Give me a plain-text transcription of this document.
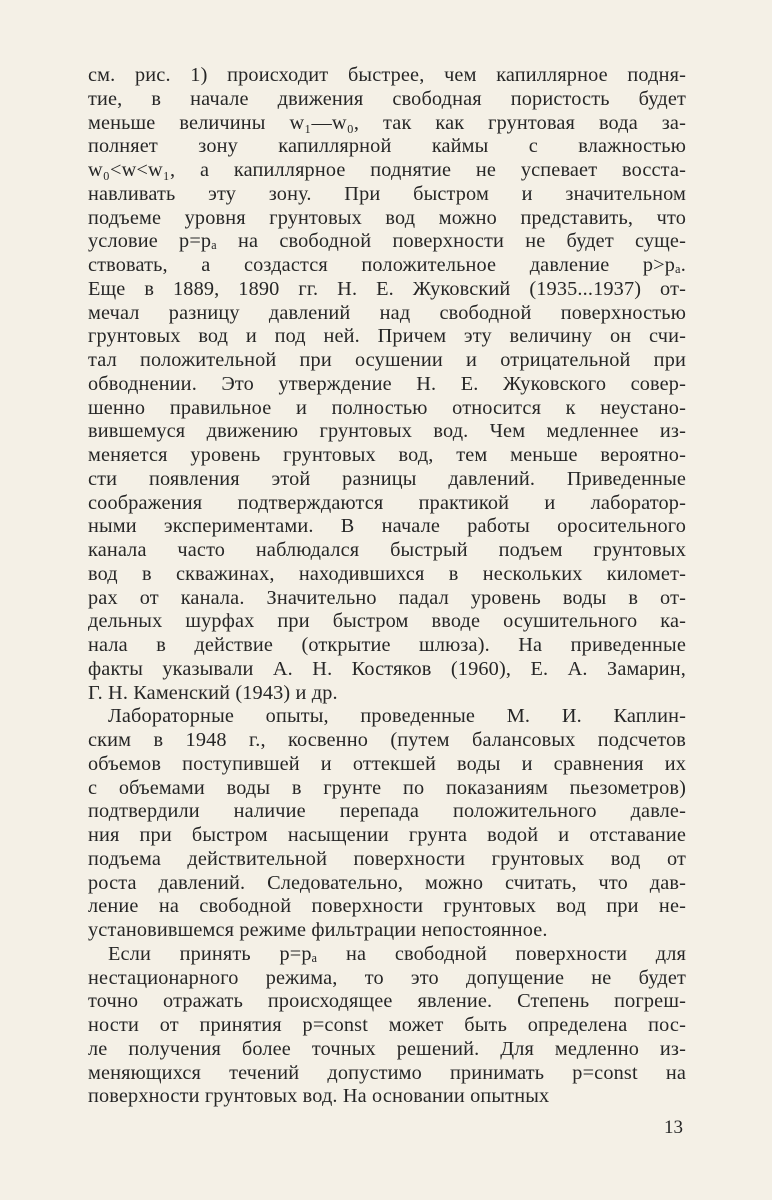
см. рис. 1) происходит быстрее, чем капиллярное подня-
тие, в начале движения свободная пористость будет
меньше величины w₁—w₀, так как грунтовая вода за-
полняет зону капиллярной каймы с влажностью
w₀<w<w₁, а капиллярное поднятие не успевает восста-
навливать эту зону. При быстром и значительном
подъеме уровня грунтовых вод можно представить, что
условие p=pₐ на свободной поверхности не будет суще-
ствовать, а создастся положительное давление p>pₐ.
Еще в 1889, 1890 гг. Н. Е. Жуковский (1935...1937) от-
мечал разницу давлений над свободной поверхностью
грунтовых вод и под ней. Причем эту величину он счи-
тал положительной при осушении и отрицательной при
обводнении. Это утверждение Н. Е. Жуковского совер-
шенно правильное и полностью относится к неустано-
вившемуся движению грунтовых вод. Чем медленнее из-
меняется уровень грунтовых вод, тем меньше вероятно-
сти появления этой разницы давлений. Приведенные
соображения подтверждаются практикой и лаборатор-
ными экспериментами. В начале работы оросительного
канала часто наблюдался быстрый подъем грунтовых
вод в скважинах, находившихся в нескольких километ-
рах от канала. Значительно падал уровень воды в от-
дельных шурфах при быстром вводе осушительного ка-
нала в действие (открытие шлюза). На приведенные
факты указывали А. Н. Костяков (1960), Е. А. Замарин,
Г. Н. Каменский (1943) и др.
Лабораторные опыты, проведенные М. И. Каплин-
ским в 1948 г., косвенно (путем балансовых подсчетов
объемов поступившей и оттекшей воды и сравнения их
с объемами воды в грунте по показаниям пьезометров)
подтвердили наличие перепада положительного давле-
ния при быстром насыщении грунта водой и отставание
подъема действительной поверхности грунтовых вод от
роста давлений. Следовательно, можно считать, что дав-
ление на свободной поверхности грунтовых вод при не-
установившемся режиме фильтрации непостоянное.
Если принять p=pₐ на свободной поверхности для
нестационарного режима, то это допущение не будет
точно отражать происходящее явление. Степень погреш-
ности от принятия p=const может быть определена пос-
ле получения более точных решений. Для медленно из-
меняющихся течений допустимо принимать p=const на
поверхности грунтовых вод. На основании опытных
13
